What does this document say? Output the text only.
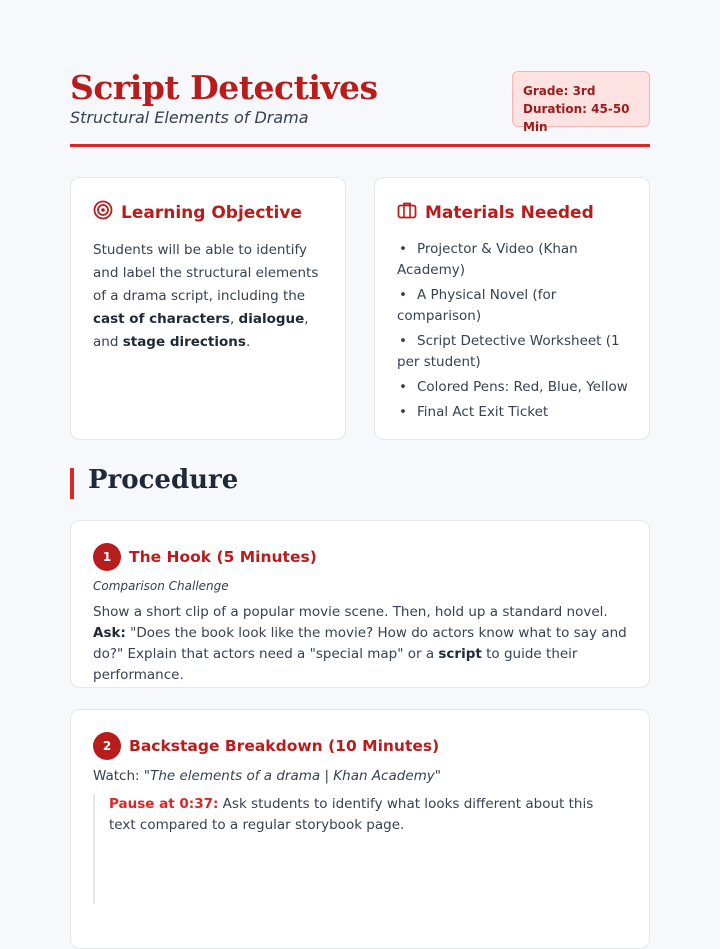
Script Detectives
Structural Elements of Drama
Grade: 3rd
Duration: 45-50 Min
Learning Objective
Students will be able to identify and label the structural elements of a drama script, including the cast of characters, dialogue, and stage directions.
Materials Needed
• Projector & Video (Khan Academy)
• A Physical Novel (for comparison)
• Script Detective Worksheet (1 per student)
• Colored Pens: Red, Blue, Yellow
• Final Act Exit Ticket
Procedure
1	The Hook (5 Minutes)
Comparison Challenge
Show a short clip of a popular movie scene. Then, hold up a standard novel. Ask: "Does the book look like the movie? How do actors know what to say and do?" Explain that actors need a "special map" or a script to guide their performance.
2	Backstage Breakdown (10 Minutes)
Watch: "The elements of a drama | Khan Academy"
Pause at 0:37: Ask students to identify what looks different about this text compared to a regular storybook page.
